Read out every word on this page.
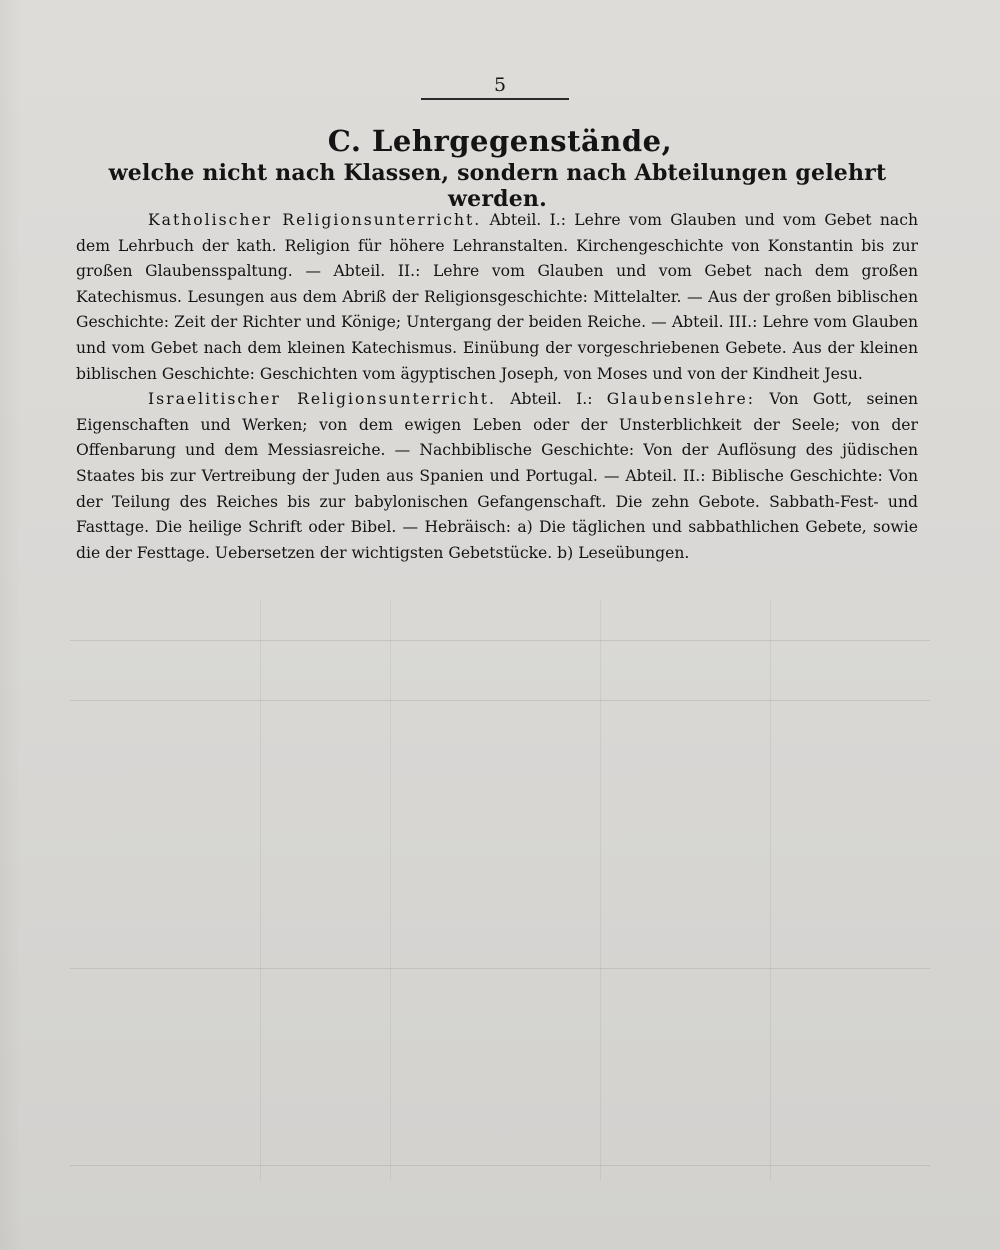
5
C. Lehrgegenstände,
welche nicht nach Klassen, sondern nach Abteilungen gelehrt werden.

Katholischer Religionsunterricht. Abteil. I.: Lehre vom Glauben und vom Gebet nach dem Lehrbuch der kath. Religion für höhere Lehranstalten. Kirchengeschichte von Konstantin bis zur großen Glaubensspaltung. — Abteil. II.: Lehre vom Glauben und vom Gebet nach dem großen Katechismus. Lesungen aus dem Abriß der Religionsgeschichte: Mittelalter. — Aus der großen biblischen Geschichte: Zeit der Richter und Könige; Untergang der beiden Reiche. — Abteil. III.: Lehre vom Glauben und vom Gebet nach dem kleinen Katechismus. Einübung der vorgeschriebenen Gebete. Aus der kleinen biblischen Geschichte: Geschichten vom ägyptischen Joseph, von Moses und von der Kindheit Jesu.

Israelitischer Religionsunterricht. Abteil. I.: Glaubenslehre: Von Gott, seinen Eigenschaften und Werken; von dem ewigen Leben oder der Unsterblichkeit der Seele; von der Offenbarung und dem Messiasreiche. — Nachbiblische Geschichte: Von der Auflösung des jüdischen Staates bis zur Vertreibung der Juden aus Spanien und Portugal. — Abteil. II.: Biblische Geschichte: Von der Teilung des Reiches bis zur babylonischen Gefangenschaft. Die zehn Gebote. Sabbath-Fest- und Fasttage. Die heilige Schrift oder Bibel. — Hebräisch: a) Die täglichen und sabbathlichen Gebete, sowie die der Festtage. Uebersetzen der wichtigsten Gebetstücke. b) Leseübungen.
